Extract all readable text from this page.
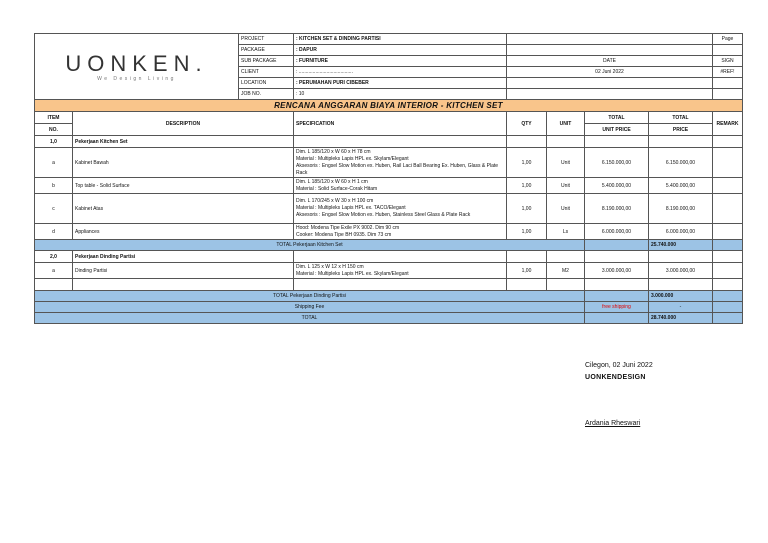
UONKEN.
We Design Living		PROJECT	: KITCHEN SET & DINDING PARTISI					Page
		PACKAGE	: DAPUR					
		SUB PACKAGE	: FURNITURE	DATE				SIGN
		CLIENT	: .......................................	02 Juni 2022				#REF!
		LOCATION	: PERUMAHAN PURI CIBEBER					
		JOB NO.	: 10					
RENCANA ANGGARAN BIAYA INTERIOR - KITCHEN SET								
ITEM	DESCRIPTION		SPECIFICATION	QTY	UNIT	TOTAL	TOTAL	REMARK
NO.						UNIT PRICE	PRICE	
1,0	Pekerjaan Kitchen Set							
a	Kabinet Bawah		Dim. L 185/120 x W 60 x H 78 cm
Material : Multipleks Lapis HPL ex. Skylam/Elegant
Aksesoris : Engsel Slow Motion ex. Huben, Rail Laci Ball Bearing Ex. Huben, Glass & Plate Rack	1,00	Unit	6.150.000,00	6.150.000,00	
b	Top table - Solid Surface		Dim. L 185/120 x W 60 x H 1 cm
Material : Solid Surface-Corak Hitam	1,00	Unit	5.400.000,00	5.400.000,00	
c	Kabinet Atas		Dim. L 170/245 x W 30 x H 100 cm
Material : Multipleks Lapis HPL ex. TACO/Elegant
Aksesoris : Engsel Slow Motion ex. Huben, Stainless Steel Glass & Plate Rack	1,00	Unit	8.190.000,00	8.190.000,00	
d	Appliances		Hood: Modena Tipe Exile PX 9002. Dim 90 cm
Cooker: Modena Tipe BH 0935. Dim 73 cm	1,00	Ls	6.000.000,00	6.000.000,00	
TOTAL Pekerjaan Kitchen Set							25.740.000	
2,0	Pekerjaan Dinding Partisi							
a	Dinding Partisi		Dim. L 125 x W 12 x H 150 cm
Material : Multipleks Lapis HPL ex. Skylam/Elegant	1,00	M2	3.000.000,00	3.000.000,00	

TOTAL Pekerjaan Dinding Partisi							3.000.000	
Shipping Fee						free shipping	-	
TOTAL							28.740.000	
Cilegon, 02 Juni 2022
UONKENDESIGN
Ardania Rheswari
